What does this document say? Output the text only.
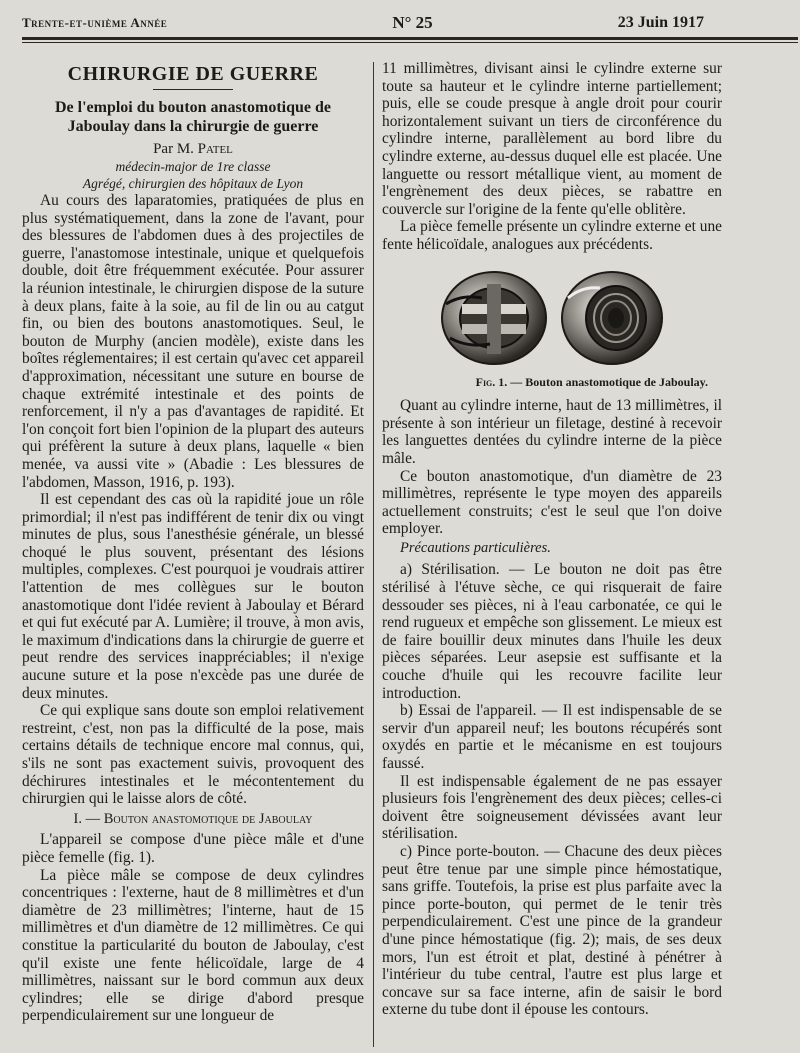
Trente-et-unième Année	N° 25	23 Juin 1917
CHIRURGIE DE GUERRE
De l'emploi du bouton anastomotique de Jaboulay dans la chirurgie de guerre
Par M. Patel
médecin-major de 1re classe
Agrégé, chirurgien des hôpitaux de Lyon

Au cours des laparatomies, pratiquées de plus en plus systématiquement, dans la zone de l'avant, pour des blessures de l'abdomen dues à des projectiles de guerre, l'anastomose intestinale, unique et quelquefois double, doit être fréquemment exécutée. Pour assurer la réunion intestinale, le chirurgien dispose de la suture à deux plans, faite à la soie, au fil de lin ou au catgut fin, ou bien des boutons anastomotiques. Seul, le bouton de Murphy (ancien modèle), existe dans les boîtes réglementaires; il est certain qu'avec cet appareil d'approximation, nécessitant une suture en bourse de chaque extrémité intestinale et des points de renforcement, il n'y a pas d'avantages de rapidité. Et l'on conçoit fort bien l'opinion de la plupart des auteurs qui préfèrent la suture à deux plans, laquelle « bien menée, va aussi vite » (Abadie : Les blessures de l'abdomen, Masson, 1916, p. 193).

Il est cependant des cas où la rapidité joue un rôle primordial; il n'est pas indifférent de tenir dix ou vingt minutes de plus, sous l'anesthésie générale, un blessé choqué le plus souvent, présentant des lésions multiples, complexes. C'est pourquoi je voudrais attirer l'attention de mes collègues sur le bouton anastomotique dont l'idée revient à Jaboulay et Bérard et qui fut exécuté par A. Lumière; il trouve, à mon avis, le maximum d'indications dans la chirurgie de guerre et peut rendre des services inappréciables; il n'exige aucune suture et la pose n'excède pas une durée de deux minutes.

Ce qui explique sans doute son emploi relativement restreint, c'est, non pas la difficulté de la pose, mais certains détails de technique encore mal connus, qui, s'ils ne sont pas exactement suivis, provoquent des déchirures intestinales et le mécontentement du chirurgien qui le laisse alors de côté.

I. — Bouton anastomotique de Jaboulay

L'appareil se compose d'une pièce mâle et d'une pièce femelle (fig. 1).

La pièce mâle se compose de deux cylindres concentriques : l'externe, haut de 8 millimètres et d'un diamètre de 23 millimètres; l'interne, haut de 15 millimètres et d'un diamètre de 12 millimètres. Ce qui constitue la particularité du bouton de Jaboulay, c'est qu'il existe une fente hélicoïdale, large de 4 millimètres, naissant sur le bord commun aux deux cylindres; elle se dirige d'abord presque perpendiculairement sur une longueur de

11 millimètres, divisant ainsi le cylindre externe sur toute sa hauteur et le cylindre interne partiellement; puis, elle se coude presque à angle droit pour courir horizontalement suivant un tiers de circonférence du cylindre interne, parallèlement au bord libre du cylindre externe, au-dessus duquel elle est placée. Une languette ou ressort métallique vient, au moment de l'engrènement des deux pièces, se rabattre en couvercle sur l'origine de la fente qu'elle oblitère.

La pièce femelle présente un cylindre externe et une fente hélicoïdale, analogues aux précédents.

Fig. 1. — Bouton anastomotique de Jaboulay.

Quant au cylindre interne, haut de 13 millimètres, il présente à son intérieur un filetage, destiné à recevoir les languettes dentées du cylindre interne de la pièce mâle.

Ce bouton anastomotique, d'un diamètre de 23 millimètres, représente le type moyen des appareils actuellement construits; c'est le seul que l'on doive employer.

Précautions particulières.

a) Stérilisation. — Le bouton ne doit pas être stérilisé à l'étuve sèche, ce qui risquerait de faire dessouder ses pièces, ni à l'eau carbonatée, ce qui le rend rugueux et empêche son glissement. Le mieux est de faire bouillir deux minutes dans l'huile les deux pièces séparées. Leur asepsie est suffisante et la couche d'huile qui les recouvre facilite leur introduction.

b) Essai de l'appareil. — Il est indispensable de se servir d'un appareil neuf; les boutons récupérés sont oxydés en partie et le mécanisme en est toujours faussé.

Il est indispensable également de ne pas essayer plusieurs fois l'engrènement des deux pièces; celles-ci doivent être soigneusement dévissées avant leur stérilisation.

c) Pince porte-bouton. — Chacune des deux pièces peut être tenue par une simple pince hémostatique, sans griffe. Toutefois, la prise est plus parfaite avec la pince porte-bouton, qui permet de le tenir très perpendiculairement. C'est une pince de la grandeur d'une pince hémostatique (fig. 2); mais, de ses deux mors, l'un est étroit et plat, destiné à pénétrer à l'intérieur du tube central, l'autre est plus large et concave sur sa face interne, afin de saisir le bord externe du tube dont il épouse les contours.
